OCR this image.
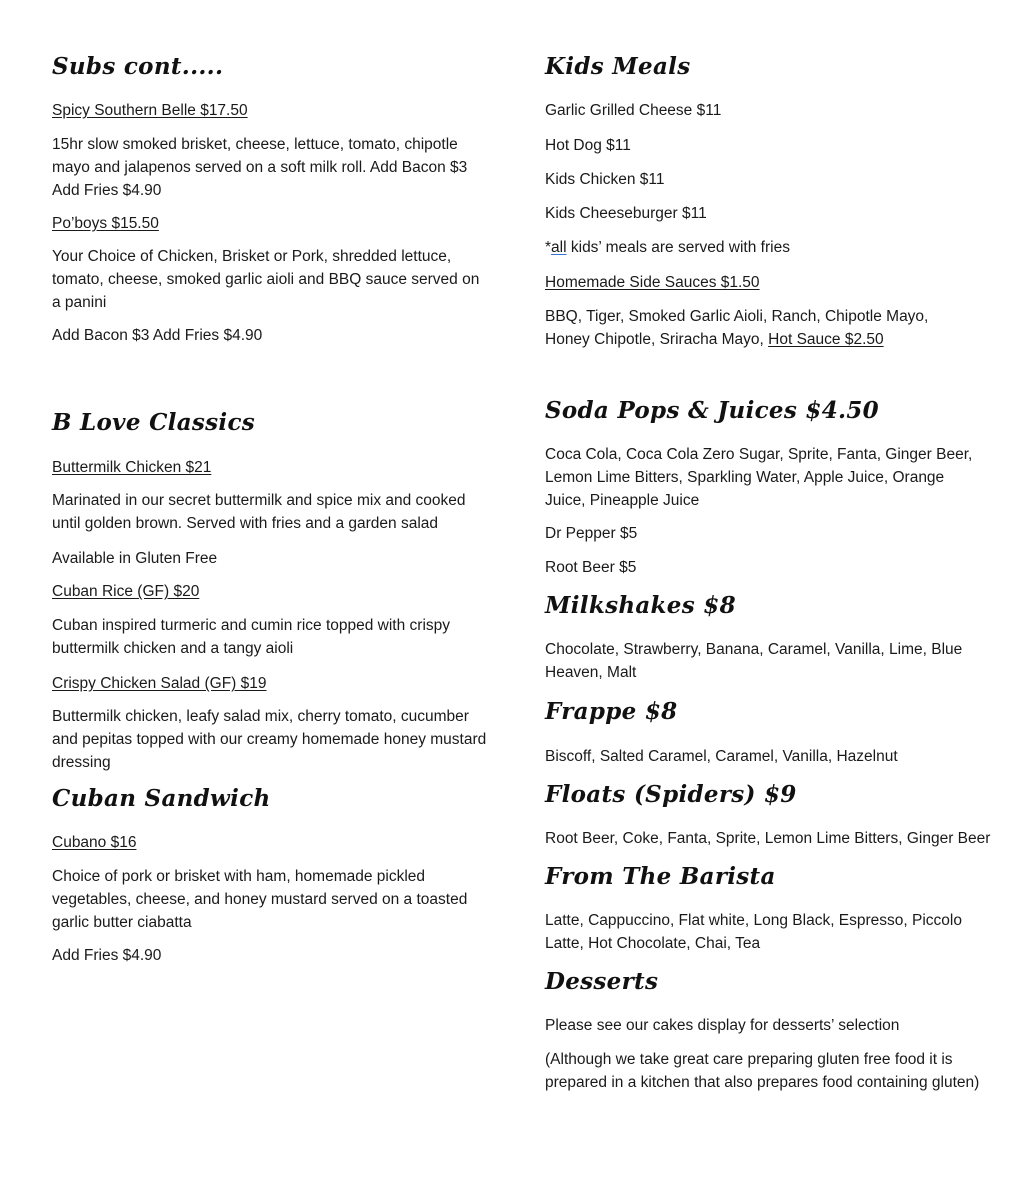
Subs cont.....
Spicy Southern Belle $17.50
15hr slow smoked brisket, cheese, lettuce, tomato, chipotle mayo and jalapenos served on a soft milk roll. Add Bacon $3 Add Fries $4.90
Po’boys $15.50
Your Choice of Chicken, Brisket or Pork, shredded lettuce, tomato, cheese, smoked garlic aioli and BBQ sauce served on a panini
Add Bacon $3 Add Fries $4.90
B Love Classics
Buttermilk Chicken $21
Marinated in our secret buttermilk and spice mix and cooked until golden brown. Served with fries and a garden salad
Available in Gluten Free
Cuban Rice (GF) $20
Cuban inspired turmeric and cumin rice topped with crispy buttermilk chicken and a tangy aioli
Crispy Chicken Salad (GF) $19
Buttermilk chicken, leafy salad mix, cherry tomato, cucumber and pepitas topped with our creamy homemade honey mustard dressing
Cuban Sandwich
Cubano $16
Choice of pork or brisket with ham, homemade pickled vegetables, cheese, and honey mustard served on a toasted garlic butter ciabatta
Add Fries $4.90
Kids Meals
Garlic Grilled Cheese $11
Hot Dog $11
Kids Chicken $11
Kids Cheeseburger $11
*all kids’ meals are served with fries
Homemade Side Sauces $1.50
BBQ, Tiger, Smoked Garlic Aioli, Ranch, Chipotle Mayo, Honey Chipotle, Sriracha Mayo, Hot Sauce $2.50
Soda Pops & Juices $4.50
Coca Cola, Coca Cola Zero Sugar, Sprite, Fanta, Ginger Beer, Lemon Lime Bitters, Sparkling Water, Apple Juice, Orange Juice, Pineapple Juice
Dr Pepper $5
Root Beer $5
Milkshakes $8
Chocolate, Strawberry, Banana, Caramel, Vanilla, Lime, Blue Heaven, Malt
Frappe $8
Biscoff, Salted Caramel, Caramel, Vanilla, Hazelnut
Floats (Spiders) $9
Root Beer, Coke, Fanta, Sprite, Lemon Lime Bitters, Ginger Beer
From The Barista
Latte, Cappuccino, Flat white, Long Black, Espresso, Piccolo Latte, Hot Chocolate, Chai, Tea
Desserts
Please see our cakes display for desserts’ selection
(Although we take great care preparing gluten free food it is prepared in a kitchen that also prepares food containing gluten)
